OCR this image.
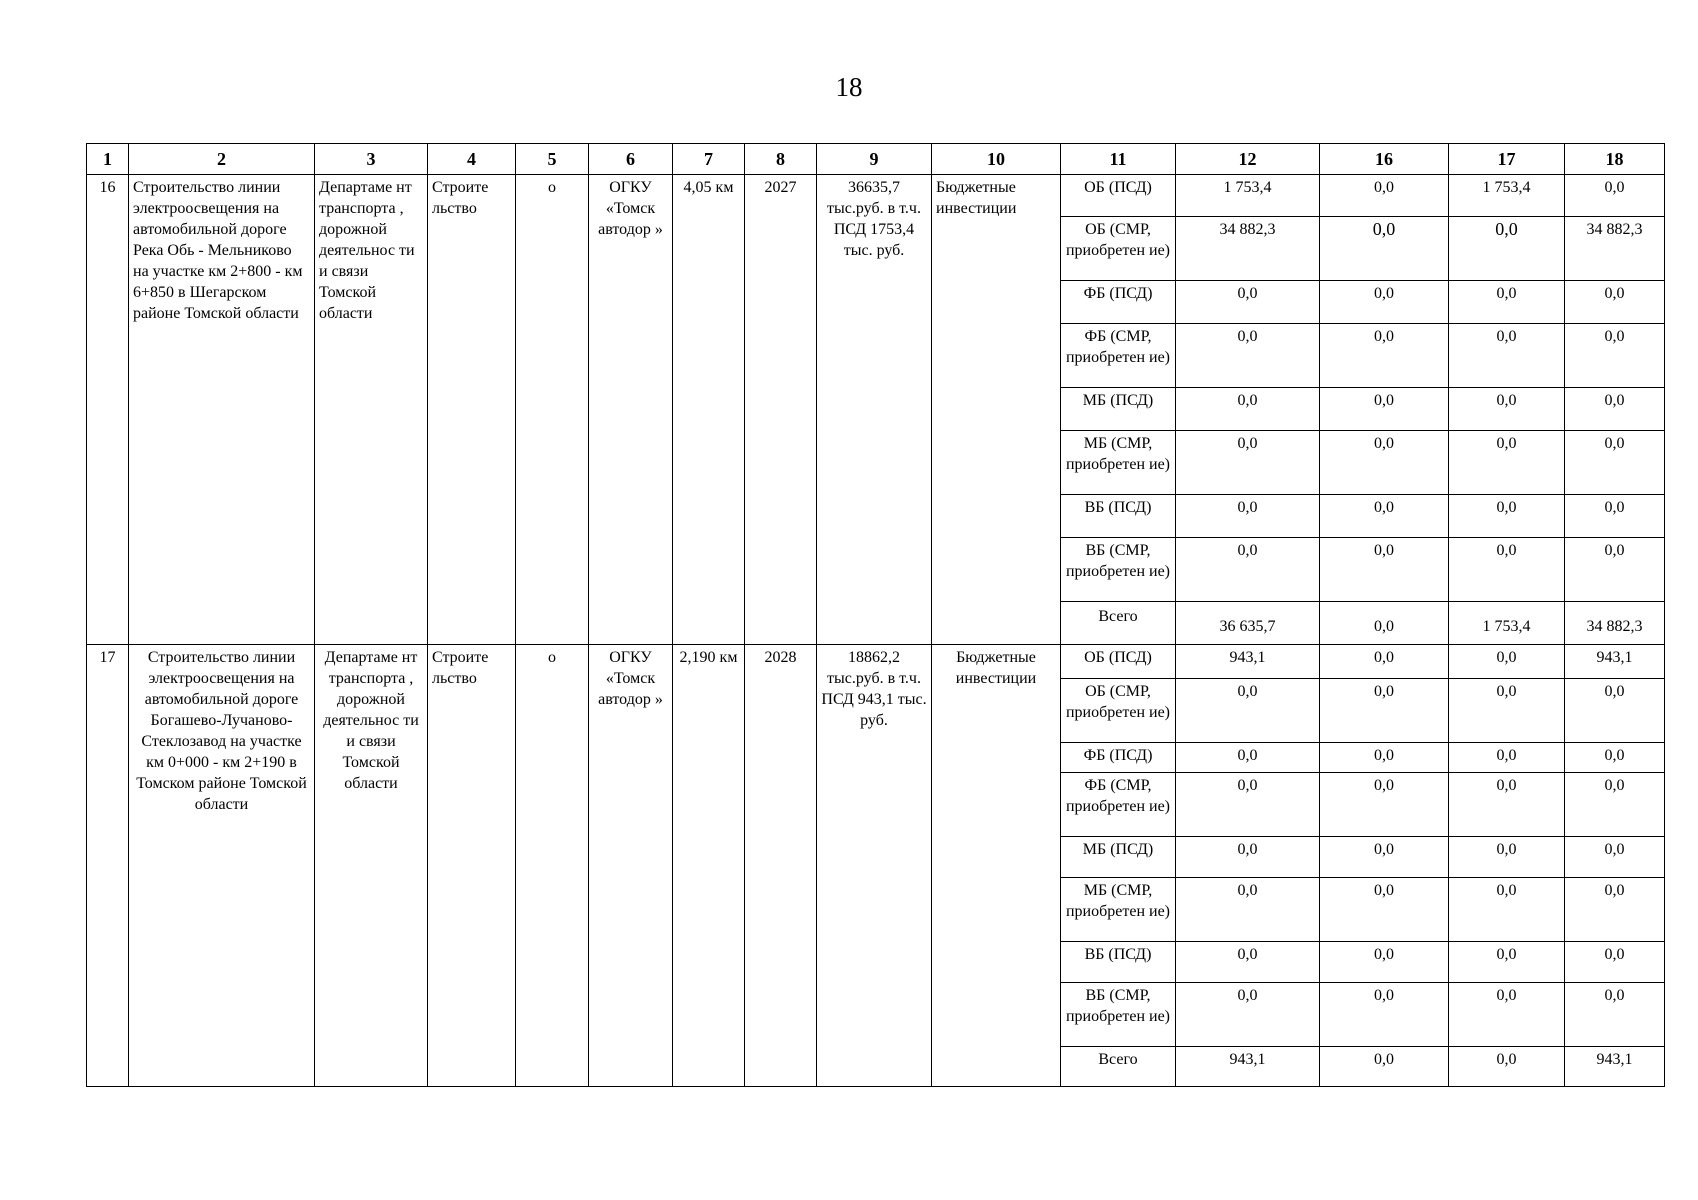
18
1	2	3	4	5	6	7	8	9	10	11	12	16	17	18
16	Строительство линии электроосвещения на автомобильной дороге Река Обь - Мельниково на участке км 2+800 - км 6+850 в Шегарском районе Томской области	Департаме нт транспорта , дорожной деятельнос ти и связи Томской области	Строите льство	о	ОГКУ «Томск автодор »	4,05 км	2027	36635,7 тыс.руб. в т.ч. ПСД 1753,4 тыс. руб.	Бюджетные инвестиции	ОБ (ПСД)	1 753,4	0,0	1 753,4	0,0
										ОБ (СМР, приобретен ие)	34 882,3	0,0	0,0	34 882,3
										ФБ (ПСД)	0,0	0,0	0,0	0,0
										ФБ (СМР, приобретен ие)	0,0	0,0	0,0	0,0
										МБ (ПСД)	0,0	0,0	0,0	0,0
										МБ (СМР, приобретен ие)	0,0	0,0	0,0	0,0
										ВБ (ПСД)	0,0	0,0	0,0	0,0
										ВБ (СМР, приобретен ие)	0,0	0,0	0,0	0,0
										Всего	36 635,7	0,0	1 753,4	34 882,3
17	Строительство линии электроосвещения на автомобильной дороге Богашево-Лучаново-Стеклозавод на участке км 0+000 - км 2+190 в Томском районе Томской области	Департаме нт транспорта , дорожной деятельнос ти и связи Томской области	Строите льство	о	ОГКУ «Томск автодор »	2,190 км	2028	18862,2 тыс.руб. в т.ч. ПСД 943,1 тыс. руб.	Бюджетные инвестиции	ОБ (ПСД)	943,1	0,0	0,0	943,1
										ОБ (СМР, приобретен ие)	0,0	0,0	0,0	0,0
										ФБ (ПСД)	0,0	0,0	0,0	0,0
										ФБ (СМР, приобретен ие)	0,0	0,0	0,0	0,0
										МБ (ПСД)	0,0	0,0	0,0	0,0
										МБ (СМР, приобретен ие)	0,0	0,0	0,0	0,0
										ВБ (ПСД)	0,0	0,0	0,0	0,0
										ВБ (СМР, приобретен ие)	0,0	0,0	0,0	0,0
										Всего	943,1	0,0	0,0	943,1
